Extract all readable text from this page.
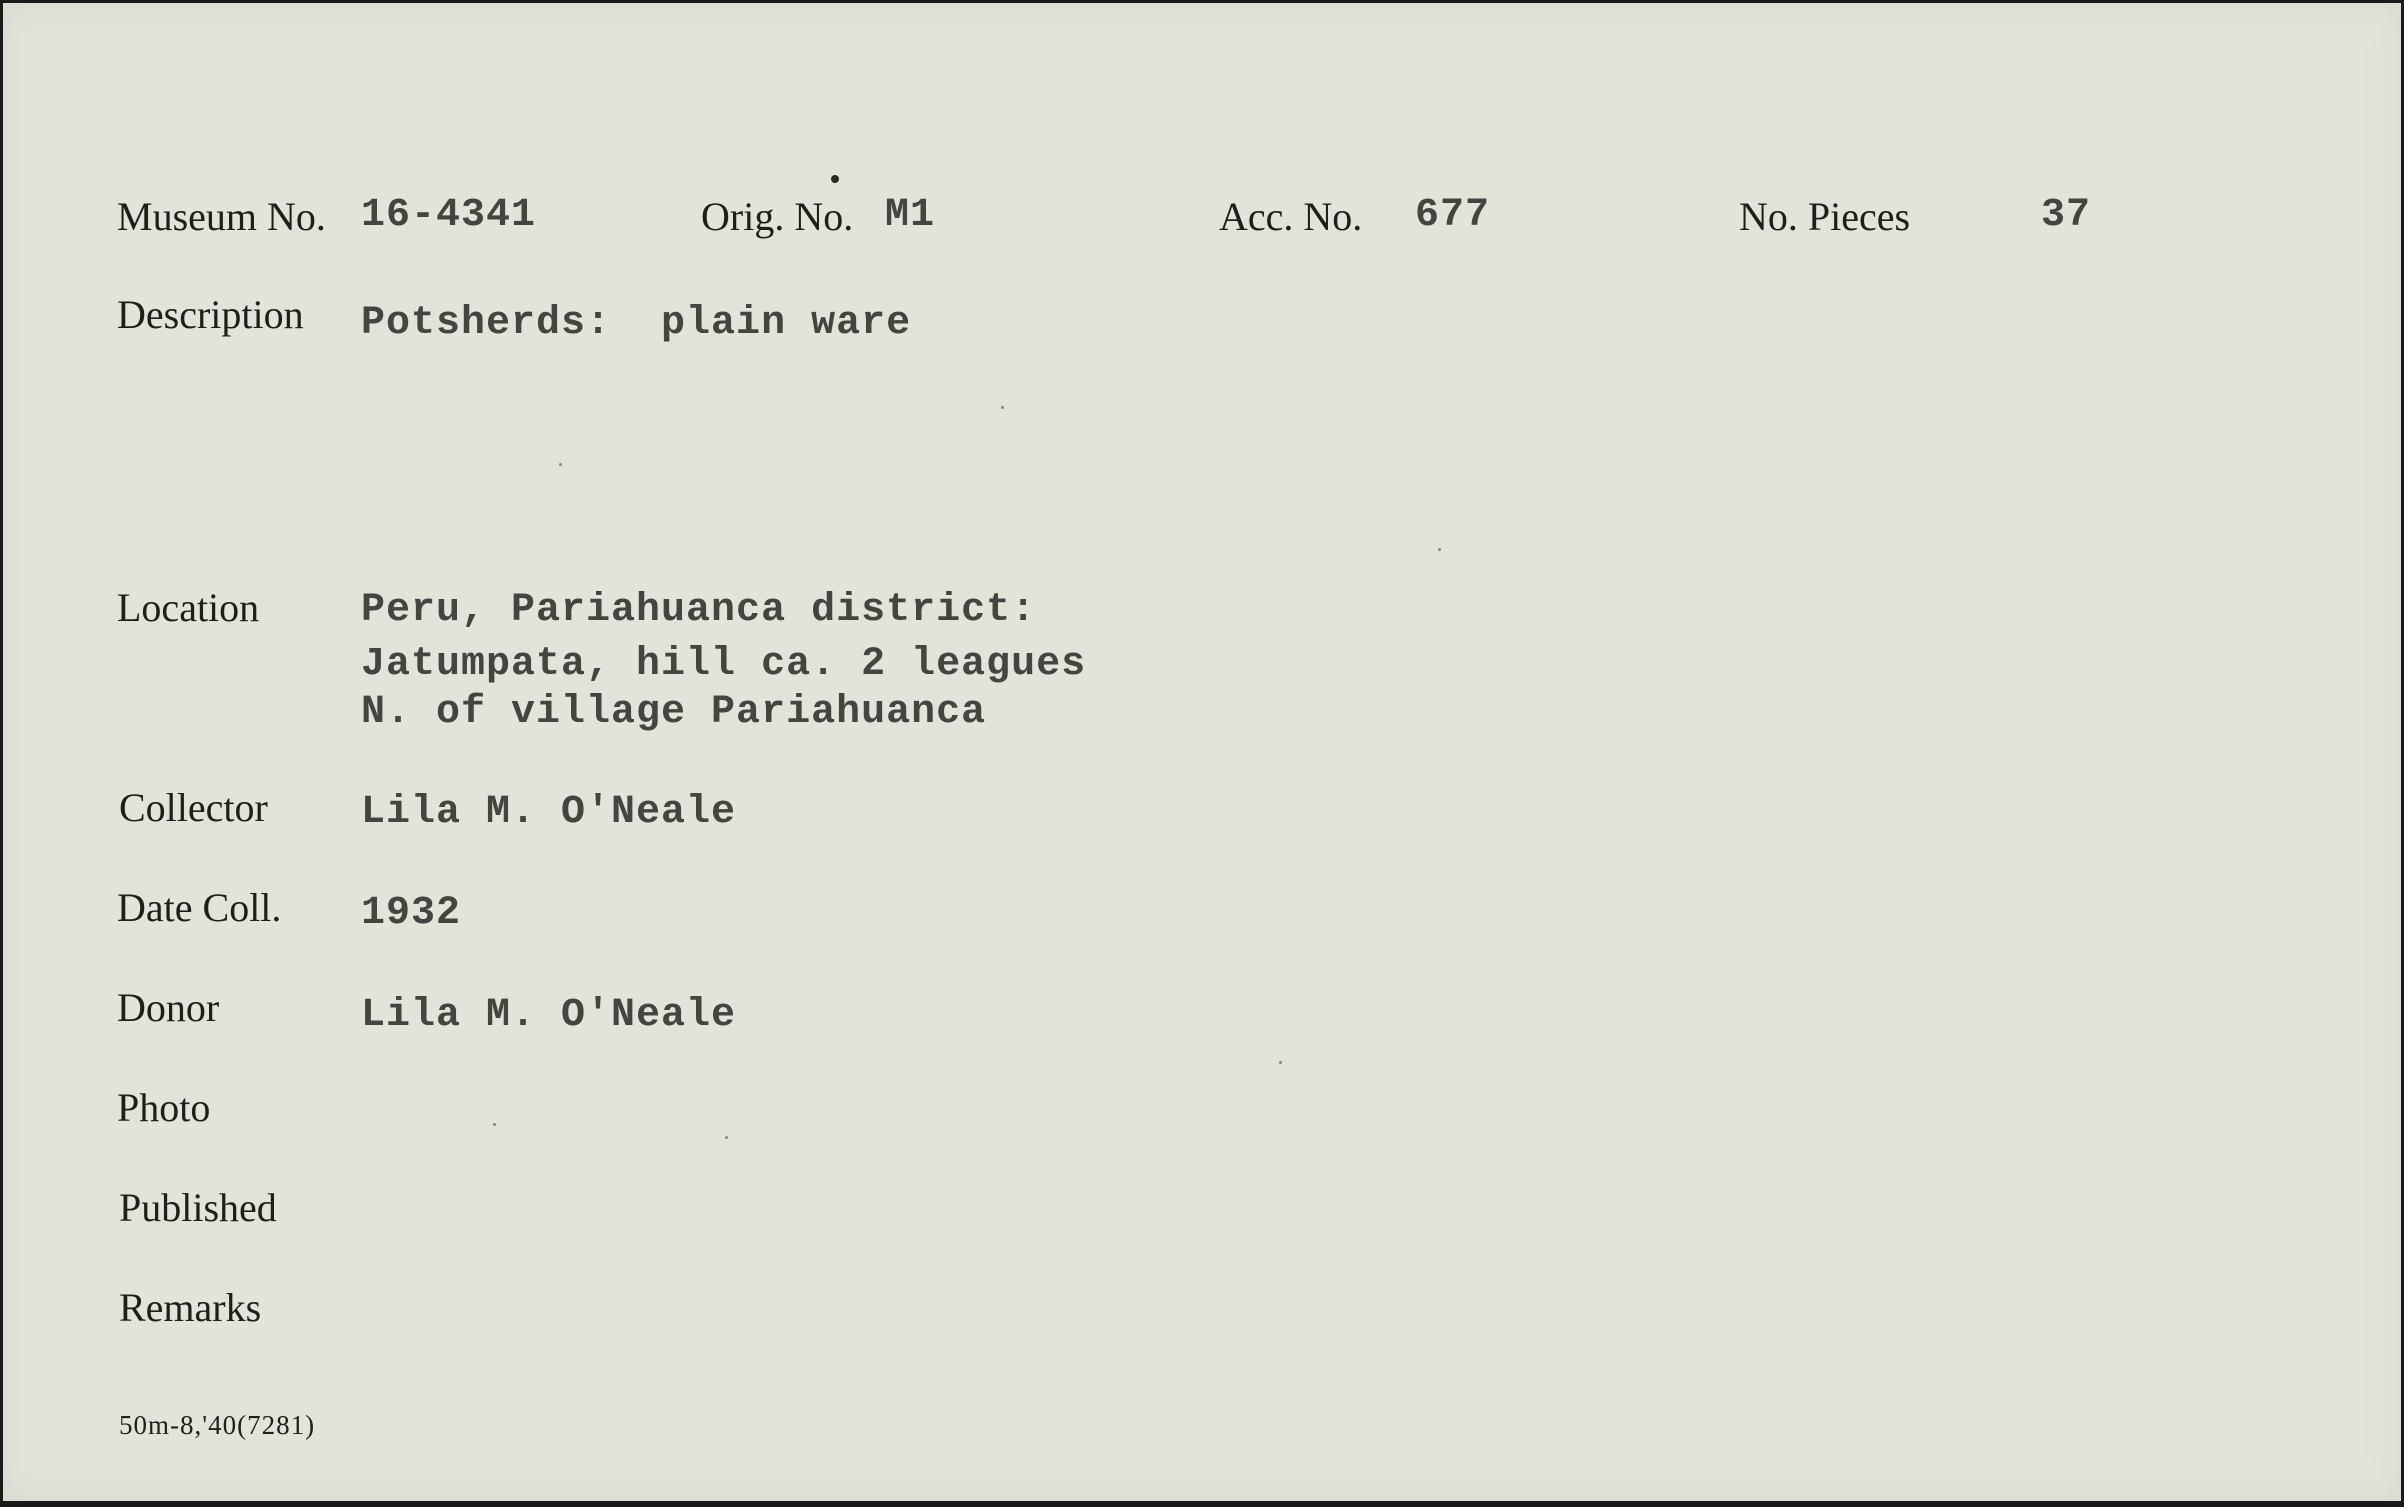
Museum No. 16-4341	Orig. No. M1	Acc. No. 677	No. Pieces	37
Description Potsherds:  plain ware
Location	Peru, Pariahuanca district:
Jatumpata, hill ca. 2 leagues
N. of village Pariahuanca
Collector Lila M. O'Neale
Date Coll. 1932
Donor	Lila M. O'Neale
Photo
Published
Remarks
50m-8,'40(7281)
